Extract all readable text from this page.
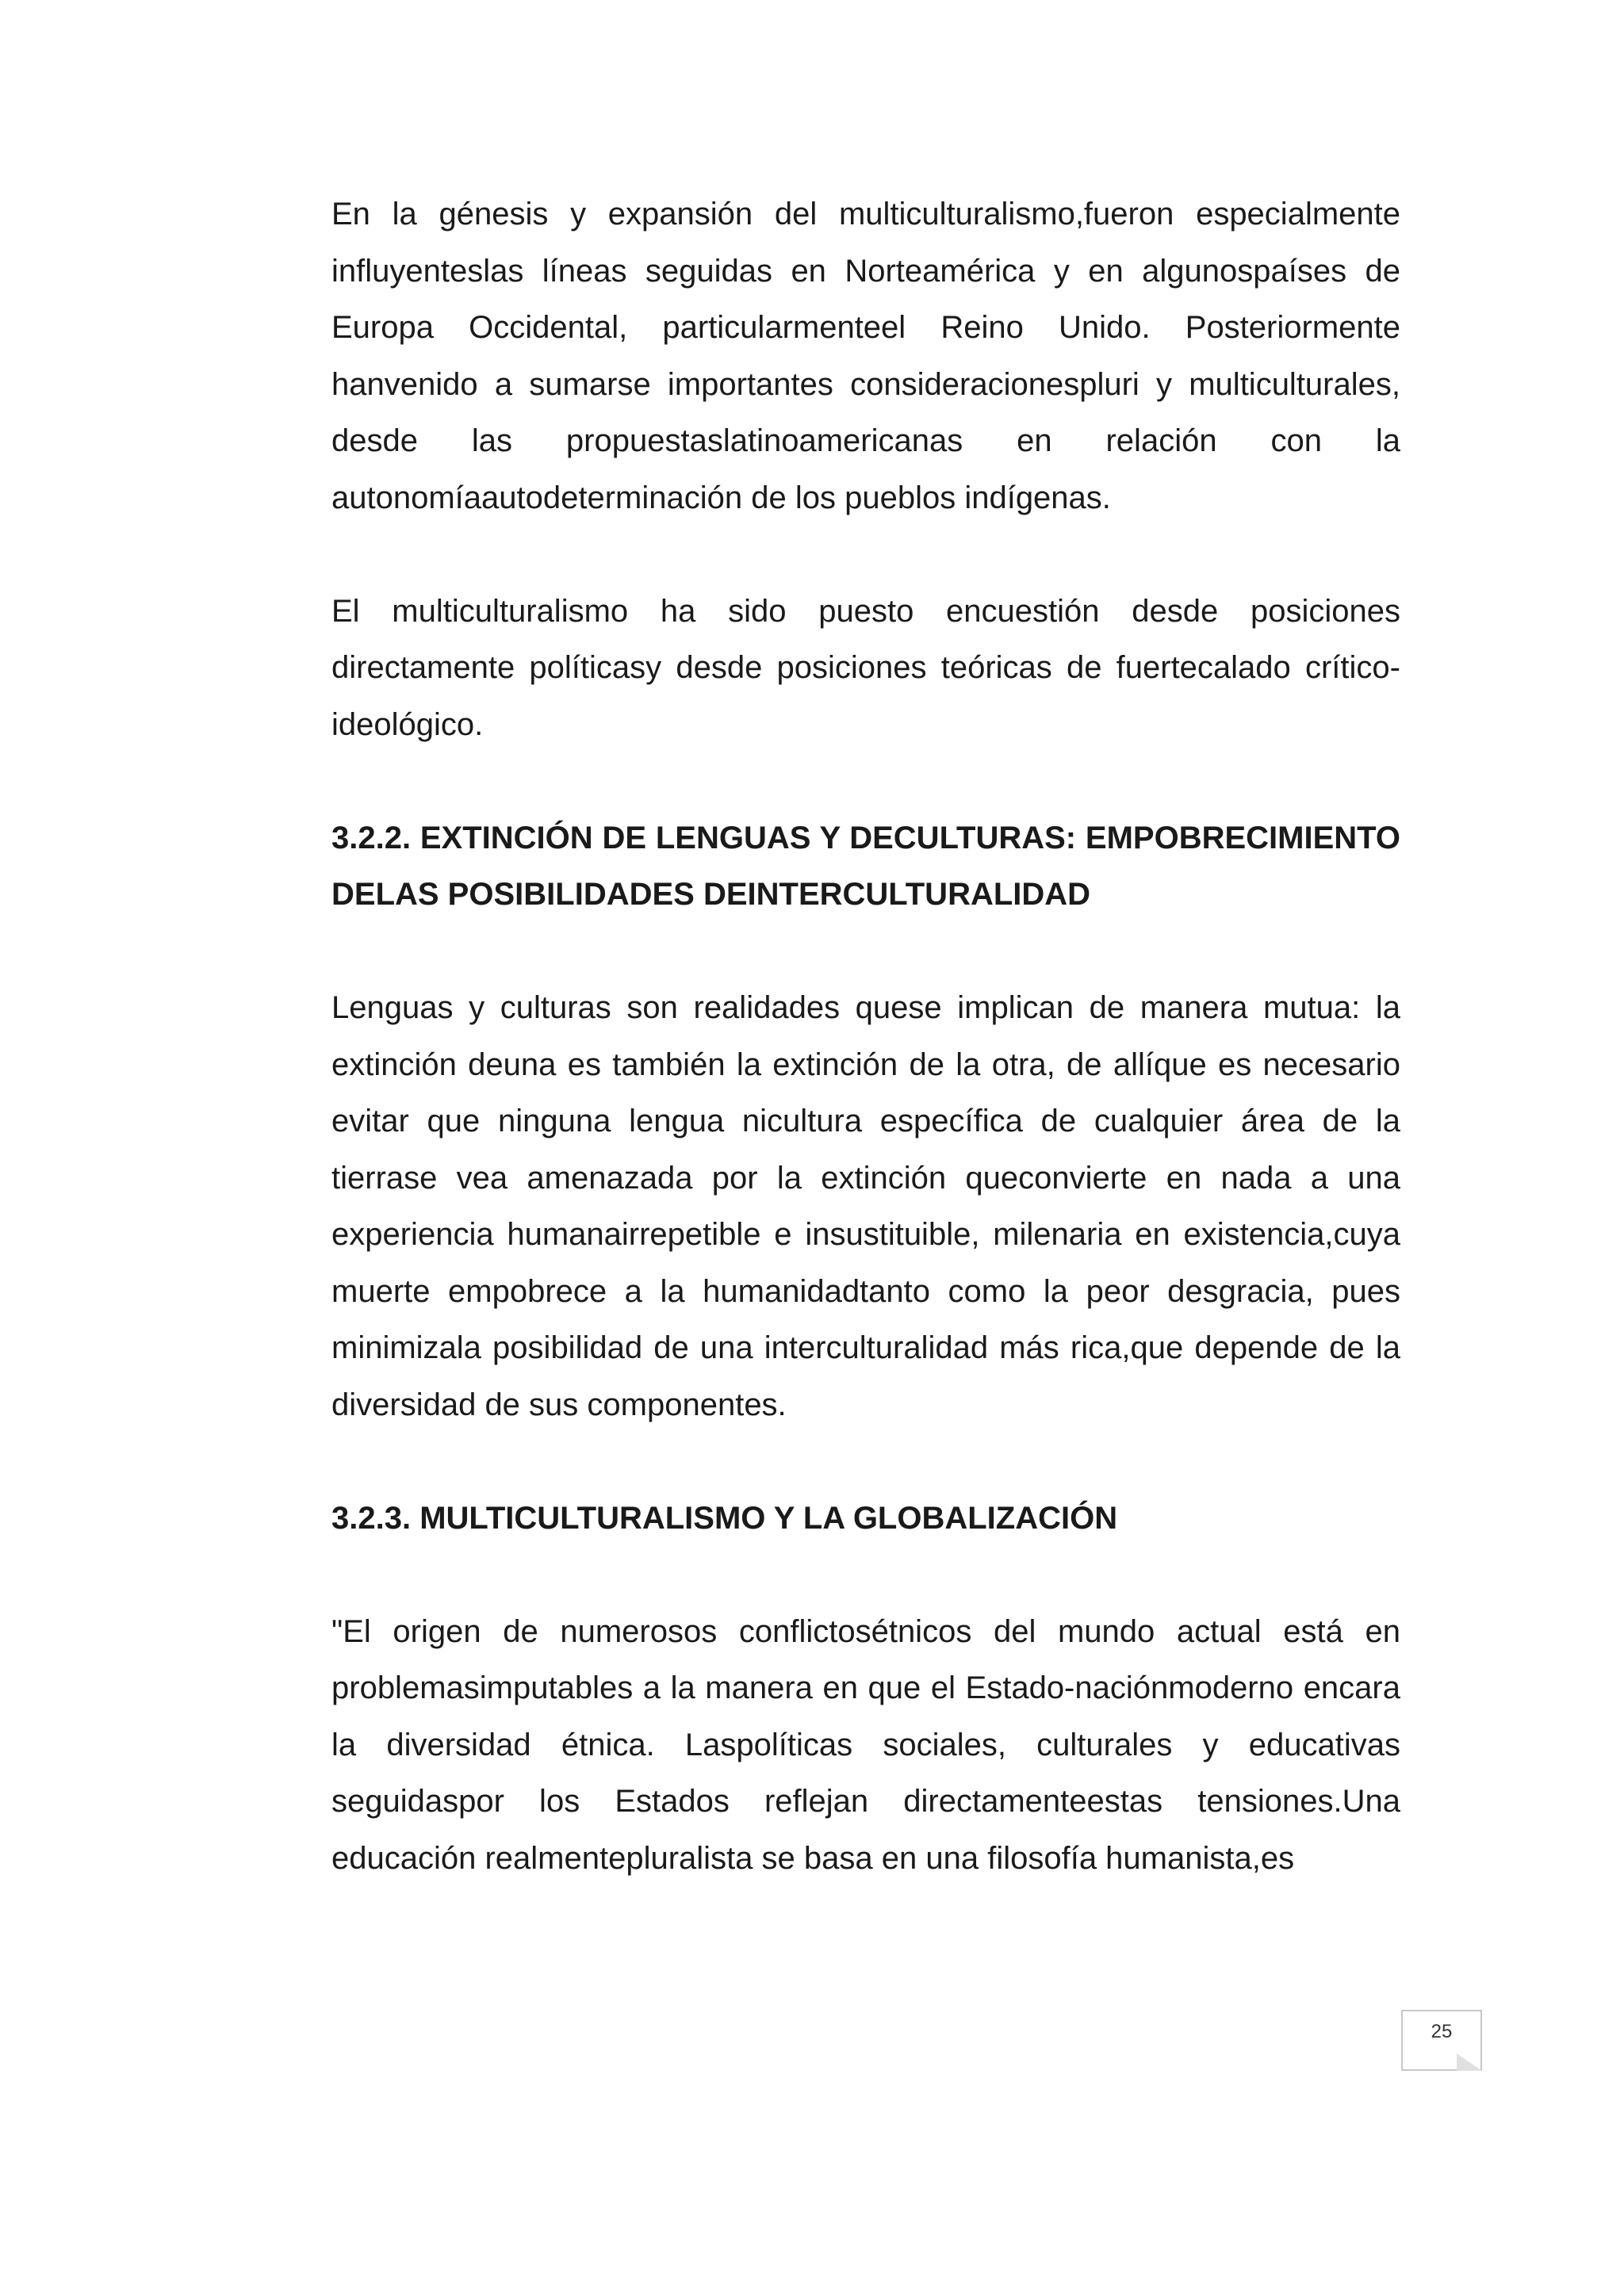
En la génesis y expansión del multiculturalismo,fueron especialmente influyenteslas líneas seguidas en Norteamérica y en algunospaíses de Europa Occidental, particularmenteel Reino Unido. Posteriormente hanvenido a sumarse importantes consideracionespluri y multiculturales, desde las propuestaslatinoamericanas en relación con la autonomíaautodeterminación de los pueblos indígenas.

El multiculturalismo ha sido puesto encuestión desde posiciones directamente políticasy desde posiciones teóricas de fuertecalado crítico-ideológico.

3.2.2. EXTINCIÓN DE LENGUAS Y DECULTURAS: EMPOBRECIMIENTO DELAS POSIBILIDADES DEINTERCULTURALIDAD

Lenguas y culturas son realidades quese implican de manera mutua: la extinción deuna es también la extinción de la otra, de allíque es necesario evitar que ninguna lengua nicultura específica de cualquier área de la tierrase vea amenazada por la extinción queconvierte en nada a una experiencia humanairrepetible e insustituible, milenaria en existencia,cuya muerte empobrece a la humanidadtanto como la peor desgracia, pues minimizala posibilidad de una interculturalidad más rica,que depende de la diversidad de sus componentes.

3.2.3. MULTICULTURALISMO Y LA GLOBALIZACIÓN

"El origen de numerosos conflictosétnicos del mundo actual está en problemasimputables a la manera en que el Estado-naciónmoderno encara la diversidad étnica. Laspolíticas sociales, culturales y educativas seguidaspor los Estados reflejan directamenteestas tensiones.Una educación realmentepluralista se basa en una filosofía humanista,es

25
